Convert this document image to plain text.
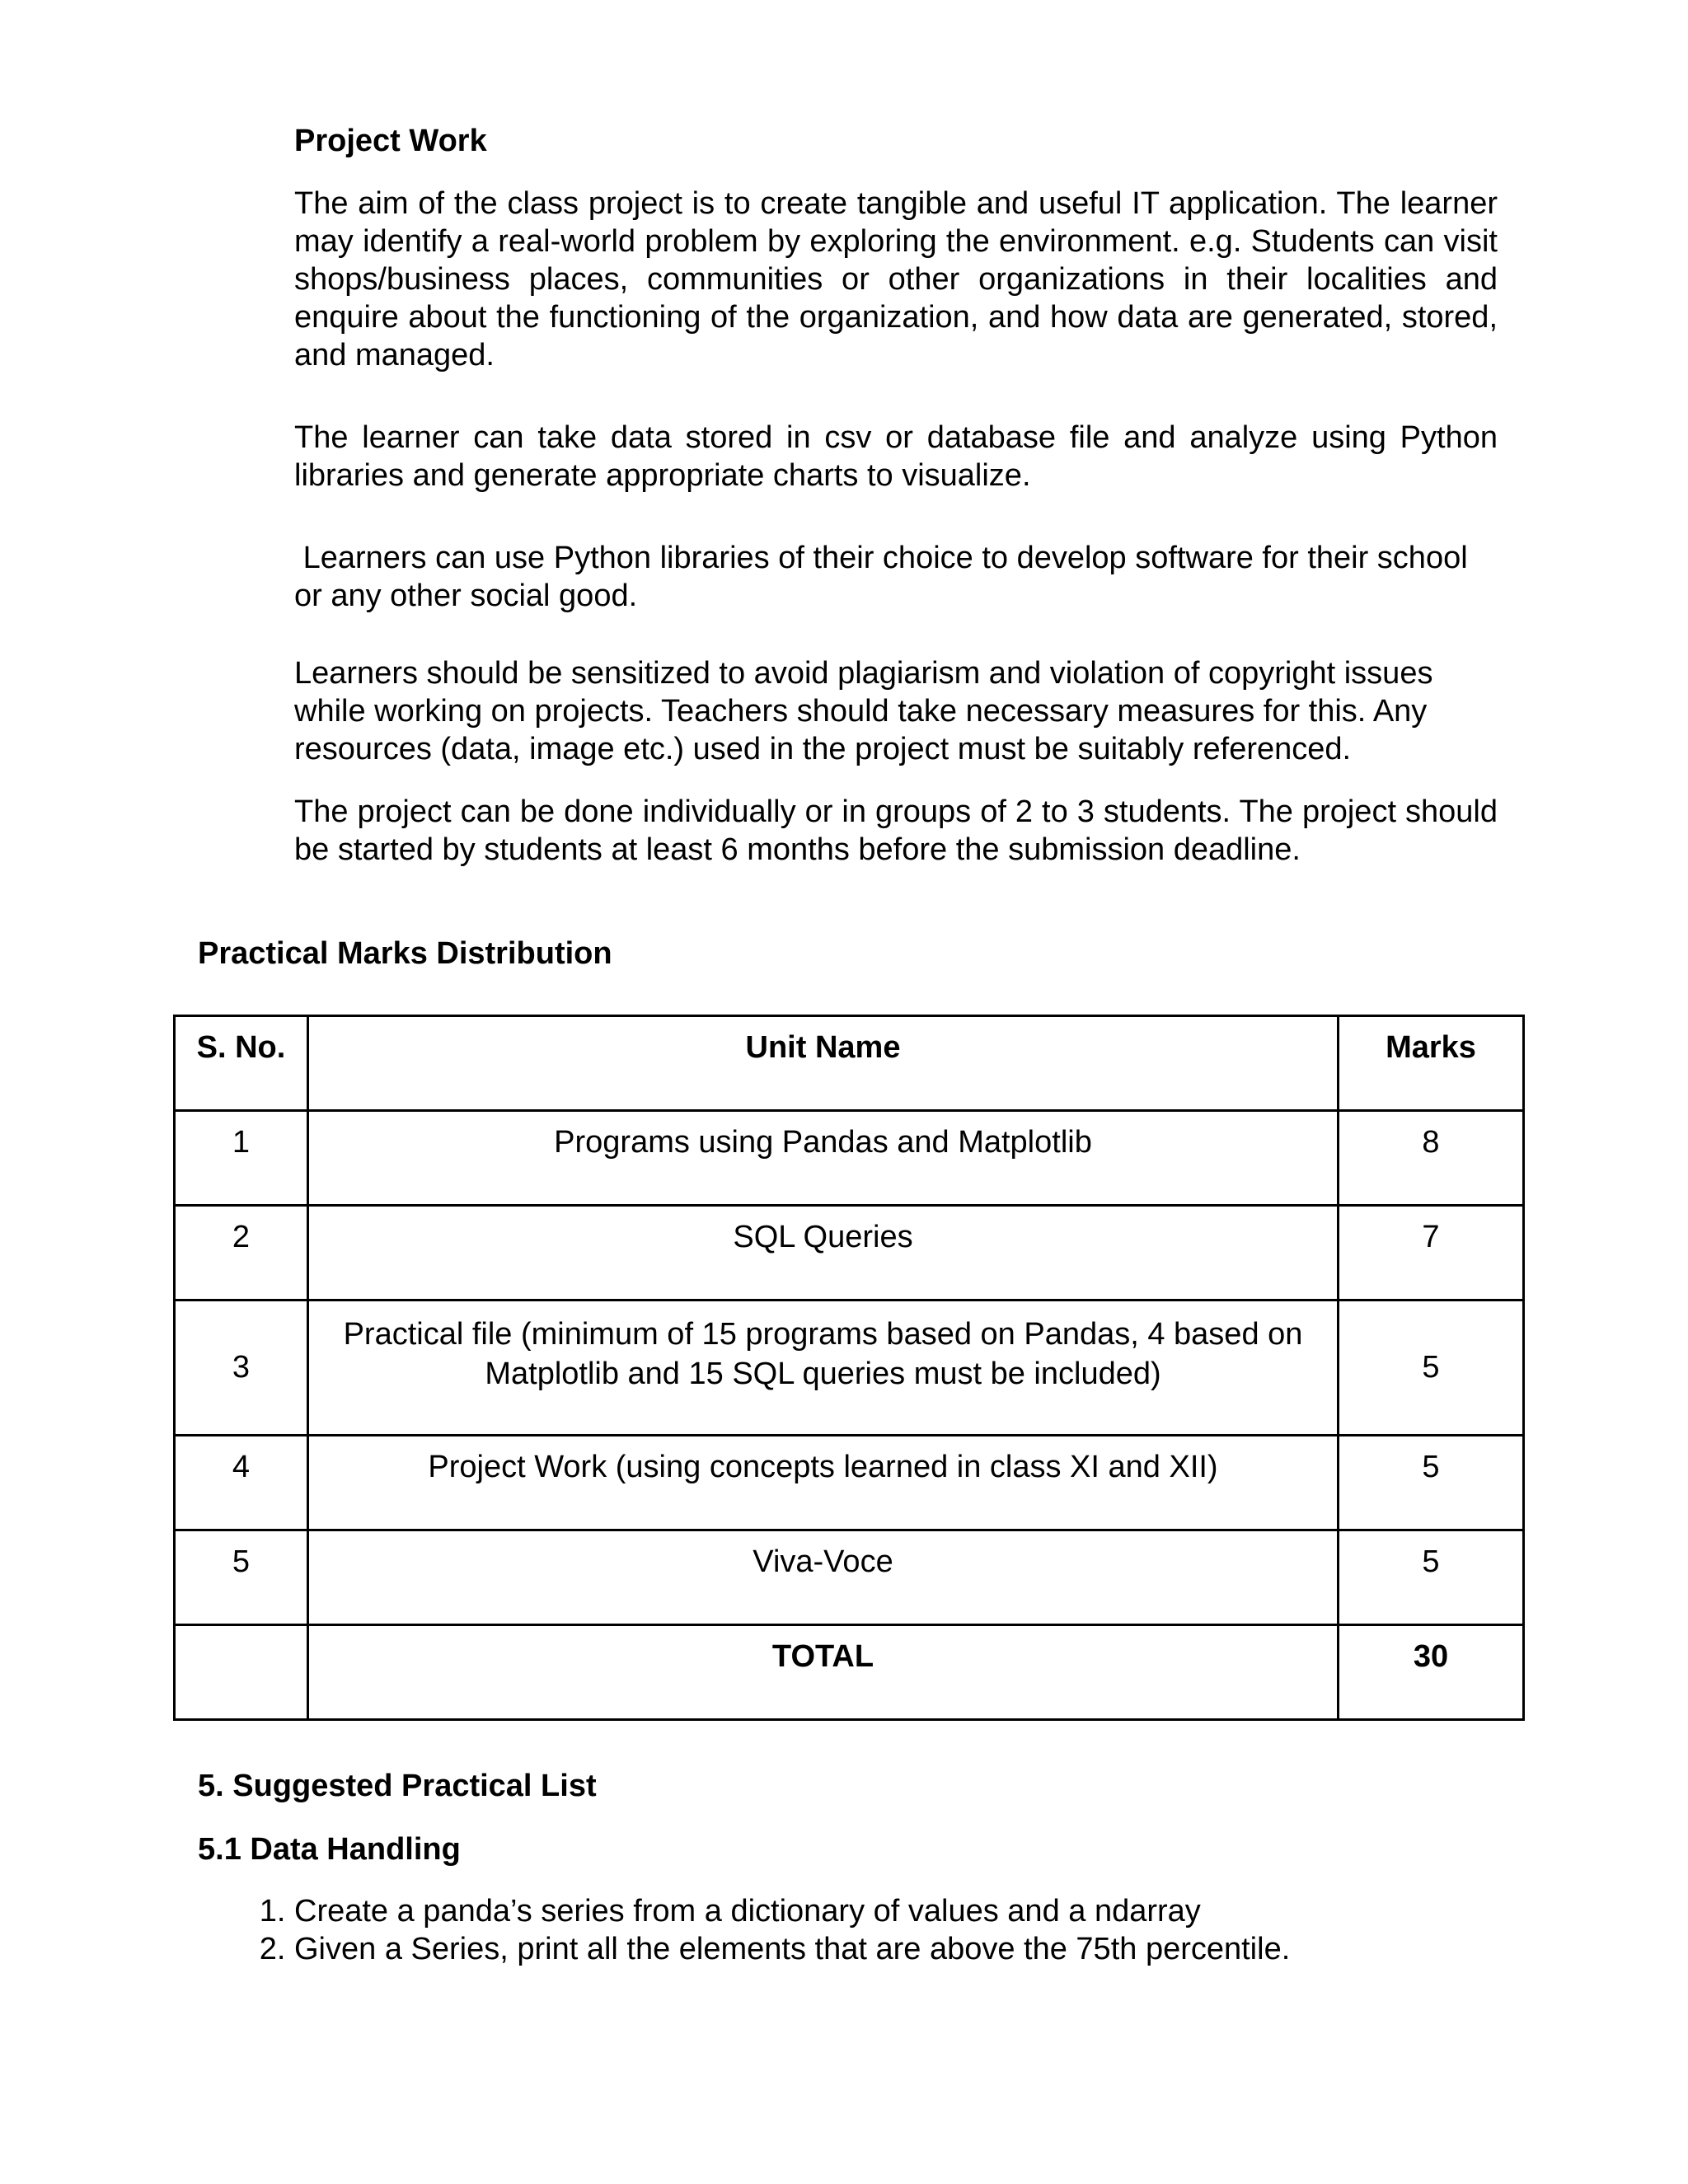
Project Work

The aim of the class project is to create tangible and useful IT application. The learner may identify a real-world problem by exploring the environment. e.g. Students can visit shops/business places, communities or other organizations in their localities and enquire about the functioning of the organization, and how data are generated, stored, and managed.

The learner can take data stored in csv or database file and analyze using Python libraries and generate appropriate charts to visualize.

Learners can use Python libraries of their choice to develop software for their school or any other social good.

Learners should be sensitized to avoid plagiarism and violation of copyright issues while working on projects. Teachers should take necessary measures for this. Any resources (data, image etc.) used in the project must be suitably referenced.

The project can be done individually or in groups of 2 to 3 students. The project should be started by students at least 6 months before the submission deadline.

Practical Marks Distribution

S. No.	Unit Name	Marks
1	Programs using Pandas and Matplotlib	8
2	SQL Queries	7
3	Practical file (minimum of 15 programs based on Pandas, 4 based on Matplotlib and 15 SQL queries must be included)	5
4	Project Work (using concepts learned in class XI and XII)	5
5	Viva-Voce	5
	TOTAL	30

5. Suggested Practical List

5.1 Data Handling

1. Create a panda’s series from a dictionary of values and a ndarray
2. Given a Series, print all the elements that are above the 75th percentile.
